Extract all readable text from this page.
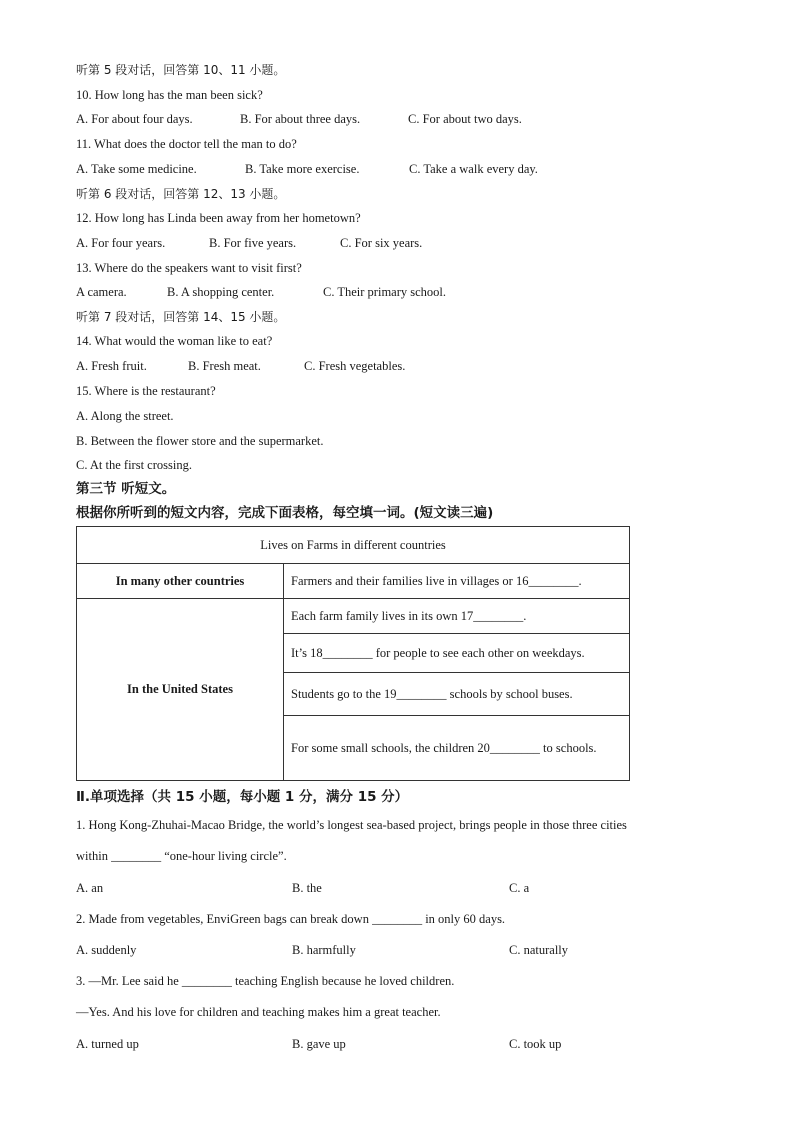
听第 5 段对话，回答第 10、11 小题。
10. How long has the man been sick?
A. For about four days.	B. For about three days.	C. For about two days.
11. What does the doctor tell the man to do?
A. Take some medicine.	B. Take more exercise.	C. Take a walk every day.
听第 6 段对话，回答第 12、13 小题。
12. How long has Linda been away from her hometown?
A. For four years.	B. For five years.	C. For six years.
13. Where do the speakers want to visit first?
A camera.	B. A shopping center.	C. Their primary school.
听第 7 段对话，回答第 14、15 小题。
14. What would the woman like to eat?
A. Fresh fruit.	B. Fresh meat.	C. Fresh vegetables.
15. Where is the restaurant?
A. Along the street.
B. Between the flower store and the supermarket.
C. At the first crossing.
第三节 听短文。
根据你所听到的短文内容，完成下面表格，每空填一词。(短文读三遍)
Lives on Farms in different countries	
In many other countries	Farmers and their families live in villages or 16________.
In the United States	Each farm family lives in its own 17________.
	It’s 18________ for people to see each other on weekdays.
	Students go to the 19________ schools by school buses.
	For some small schools, the children 20________ to schools.
Ⅱ.单项选择（共 15 小题，每小题 1 分，满分 15 分）
1. Hong Kong-Zhuhai-Macao Bridge, the world’s longest sea-based project, brings people in those three cities
within ________ “one-hour living circle”.
A. an	B. the	C. a
2. Made from vegetables, EnviGreen bags can break down ________ in only 60 days.
A. suddenly	B. harmfully	C. naturally
3. —Mr. Lee said he ________ teaching English because he loved children.
—Yes. And his love for children and teaching makes him a great teacher.
A. turned up	B. gave up	C. took up
